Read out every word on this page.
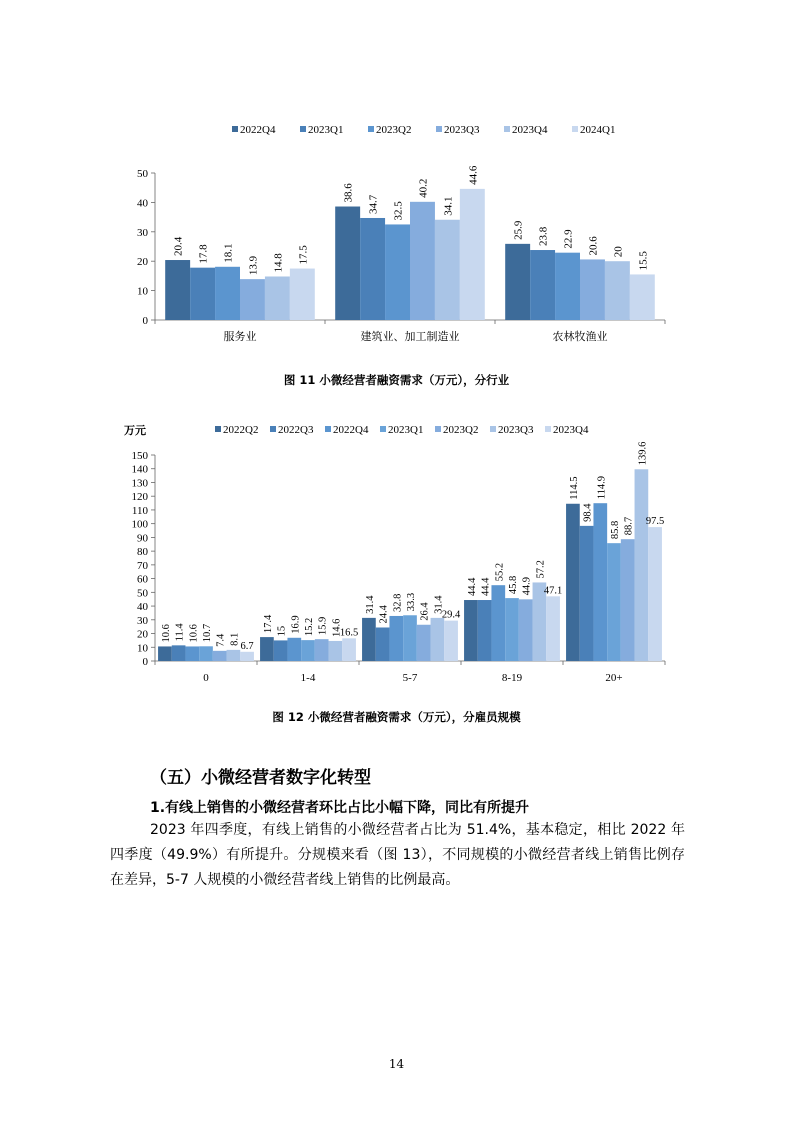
2022Q4	2023Q1	2023Q2	2023Q3	2023Q4	2024Q1
0
10
20
30
40
50
服务业
20.4 17.8 18.1
13.9 14.8 17.5
建筑业、加工制造业
38.6
34.7 32.5
40.2
34.1
44.6
农林牧渔业
25.9 23.8 22.9 20.6 20 15.5
图 11 小微经营者融资需求（万元），分行业
万元	2022Q2 2022Q3 2022Q4 2023Q1 2023Q2 2023Q3 2023Q4
0
10
20
30
40
50
60
70
80
90
100
110
120
130
140
150
0
10.6 11.4 10.6 10.7 7.4 8.1
6.7
1-4
17.4 15 16.9 15.2 15.9 14.6
16.5
5-7
31.4
24.4
32.8 33.3
26.4 31.4
29.4
8-19
44.4 44.4
55.2
45.8 44.9
57.2
47.1
20+
114.5
98.4
114.9
85.8 88.7
139.6
97.5
图 12 小微经营者融资需求（万元），分雇员规模
（五）小微经营者数字化转型
1.有线上销售的小微经营者环比占比小幅下降，同比有所提升
2023 年四季度，有线上销售的小微经营者占比为 51.4%，基本稳定，相比 2022 年四季度（49.9%）有所提升。分规模来看（图 13），不同规模的小微经营者线上销售比例存在差异，5-7 人规模的小微经营者线上销售的比例最高。
14
